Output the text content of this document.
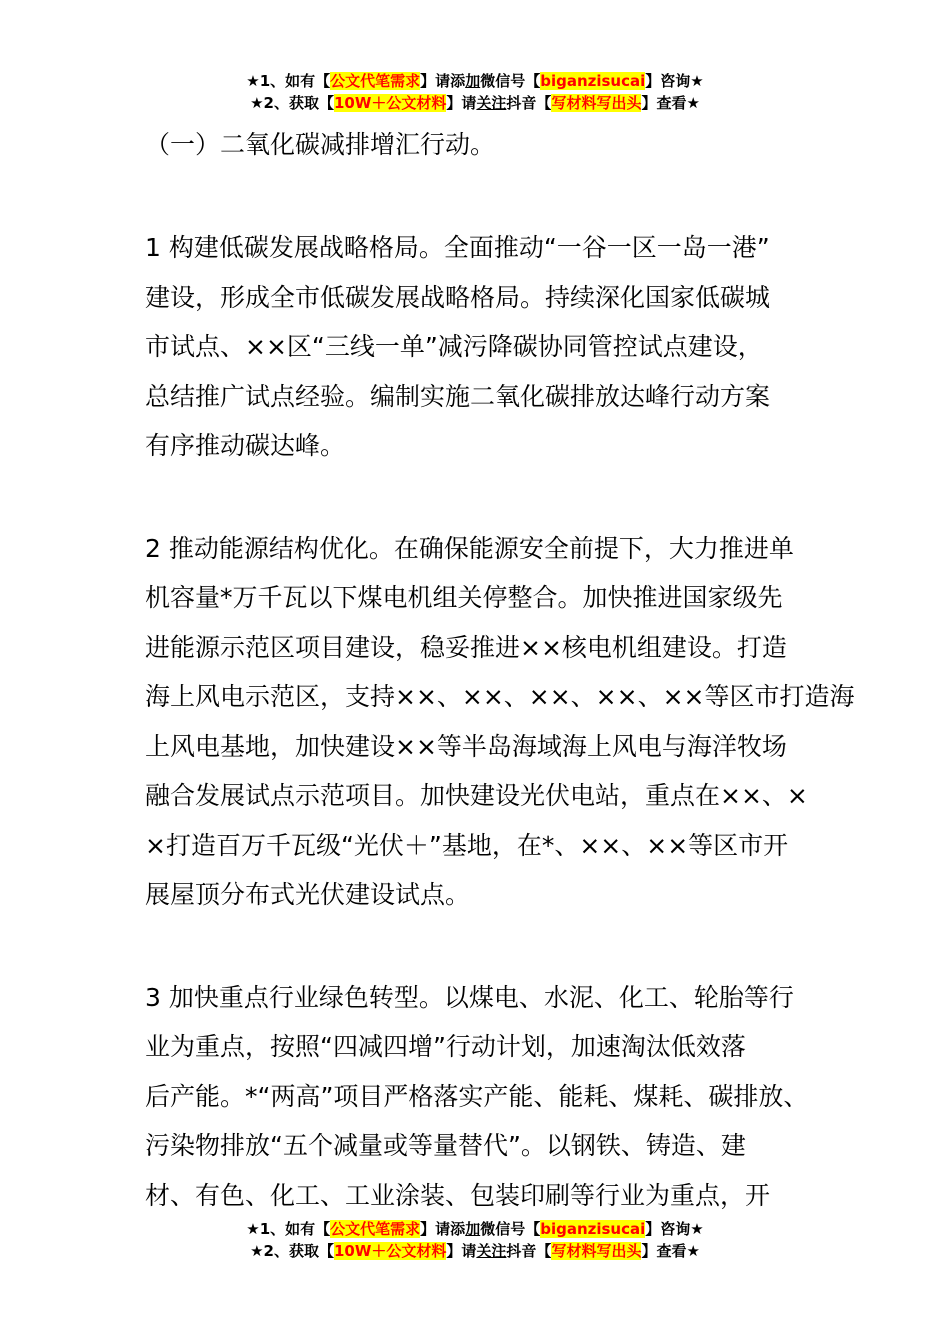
★1、如有【公文代笔需求】请添加微信号【biganzisucai】咨询★
★2、获取【10W＋公文材料】请关注抖音【写材料写出头】查看★

（一）二氧化碳减排增汇行动。

1 构建低碳发展战略格局。全面推动“一谷一区一岛一港”
建设，形成全市低碳发展战略格局。持续深化国家低碳城
市试点、××区“三线一单”减污降碳协同管控试点建设，
总结推广试点经验。编制实施二氧化碳排放达峰行动方案
有序推动碳达峰。
2 推动能源结构优化。在确保能源安全前提下，大力推进单
机容量*万千瓦以下煤电机组关停整合。加快推进国家级先
进能源示范区项目建设，稳妥推进××核电机组建设。打造
海上风电示范区，支持××、××、××、××、××等区市打造海
上风电基地，加快建设××等半岛海域海上风电与海洋牧场
融合发展试点示范项目。加快建设光伏电站，重点在××、×
×打造百万千瓦级“光伏＋”基地，在*、××、××等区市开
展屋顶分布式光伏建设试点。
3 加快重点行业绿色转型。以煤电、水泥、化工、轮胎等行
业为重点，按照“四减四增”行动计划，加速淘汰低效落
后产能。*“两高”项目严格落实产能、能耗、煤耗、碳排放、
污染物排放“五个减量或等量替代”。以钢铁、铸造、建
材、有色、化工、工业涂装、包装印刷等行业为重点，开
★1、如有【公文代笔需求】请添加微信号【biganzisucai】咨询★
★2、获取【10W＋公文材料】请关注抖音【写材料写出头】查看★
